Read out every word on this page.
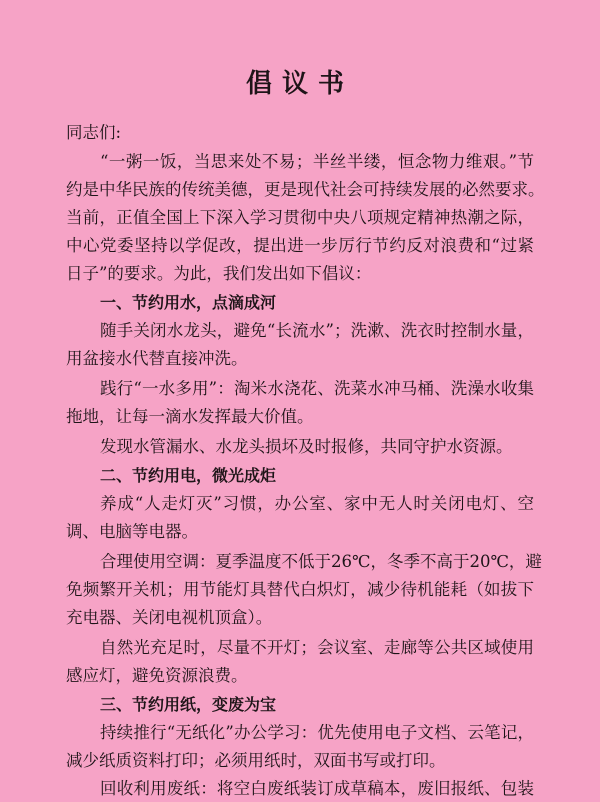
倡议书
同志们:
“一粥一饭，当思来处不易；半丝半缕，恒念物力维艰。”节
约是中华民族的传统美德，更是现代社会可持续发展的必然要求。
当前，正值全国上下深入学习贯彻中央八项规定精神热潮之际，
中心党委坚持以学促改，提出进一步厉行节约反对浪费和“过紧
日子”的要求。为此，我们发出如下倡议：
一、节约用水，点滴成河
随手关闭水龙头，避免“长流水”；洗漱、洗衣时控制水量，
用盆接水代替直接冲洗。
践行“一水多用”：淘米水浇花、洗菜水冲马桶、洗澡水收集
拖地，让每一滴水发挥最大价值。
发现水管漏水、水龙头损坏及时报修，共同守护水资源。
二、节约用电，微光成炬
养成“人走灯灭”习惯，办公室、家中无人时关闭电灯、空
调、电脑等电器。
合理使用空调：夏季温度不低于26℃，冬季不高于20℃，避
免频繁开关机；用节能灯具替代白炽灯，减少待机能耗（如拔下
充电器、关闭电视机顶盒）。
自然光充足时，尽量不开灯；会议室、走廊等公共区域使用
感应灯，避免资源浪费。
三、节约用纸，变废为宝
持续推行“无纸化”办公学习：优先使用电子文档、云笔记，
减少纸质资料打印；必须用纸时，双面书写或打印。
回收利用废纸：将空白废纸装订成草稿本，废旧报纸、包装
